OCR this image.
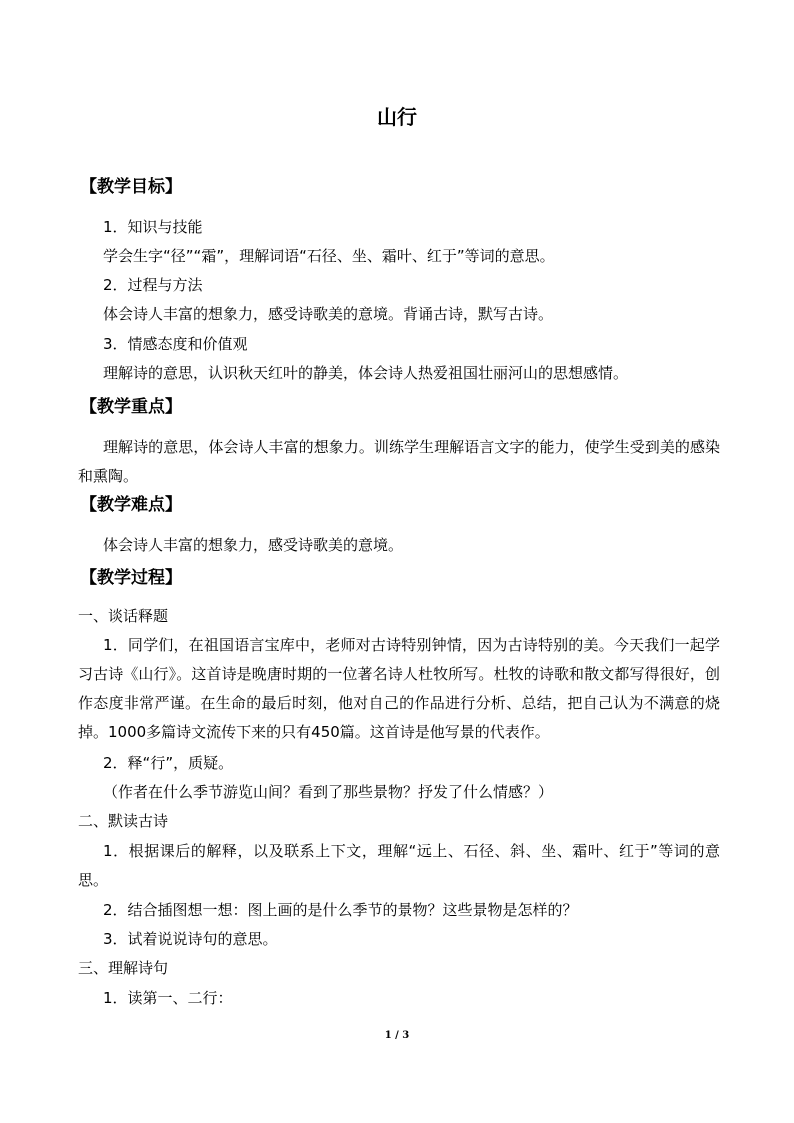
山行
【教学目标】
1．知识与技能
学会生字“径”“霜”，理解词语“石径、坐、霜叶、红于”等词的意思。
2．过程与方法
体会诗人丰富的想象力，感受诗歌美的意境。背诵古诗，默写古诗。
3．情感态度和价值观
理解诗的意思，认识秋天红叶的静美，体会诗人热爱祖国壮丽河山的思想感情。
【教学重点】
理解诗的意思，体会诗人丰富的想象力。训练学生理解语言文字的能力，使学生受到美的感染和熏陶。
【教学难点】
体会诗人丰富的想象力，感受诗歌美的意境。
【教学过程】
一、谈话释题
1．同学们，在祖国语言宝库中，老师对古诗特别钟情，因为古诗特别的美。今天我们一起学习古诗《山行》。这首诗是晚唐时期的一位著名诗人杜牧所写。杜牧的诗歌和散文都写得很好，创作态度非常严谨。在生命的最后时刻，他对自己的作品进行分析、总结，把自己认为不满意的烧掉。1000多篇诗文流传下来的只有450篇。这首诗是他写景的代表作。
2．释“行”，质疑。
（作者在什么季节游览山间？看到了那些景物？抒发了什么情感？）
二、默读古诗
1．根据课后的解释，以及联系上下文，理解“远上、石径、斜、坐、霜叶、红于”等词的意思。
2．结合插图想一想：图上画的是什么季节的景物？这些景物是怎样的？
3．试着说说诗句的意思。
三、理解诗句
1．读第一、二行：
1 / 3
